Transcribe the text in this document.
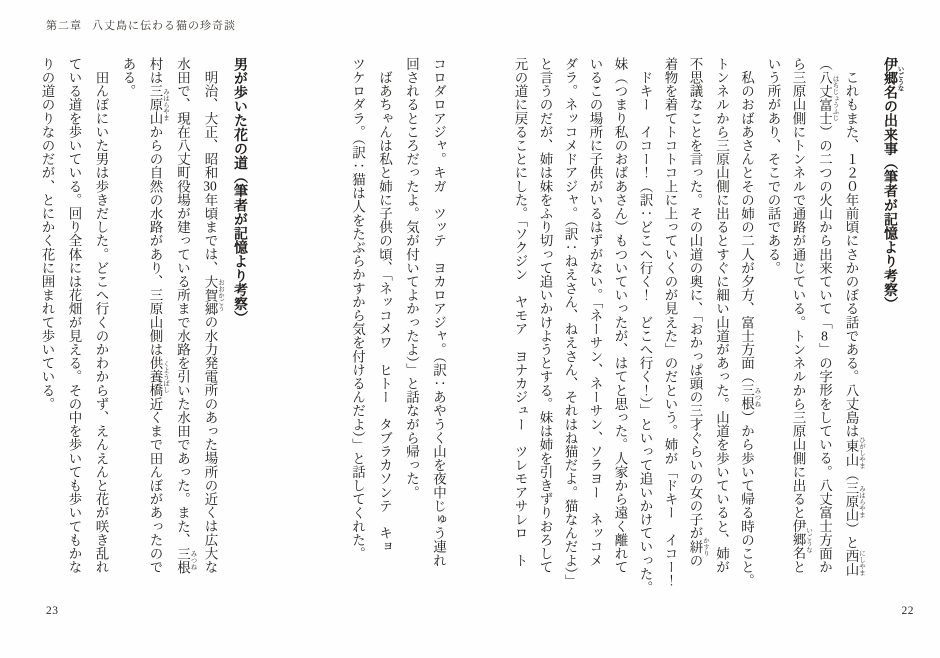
第二章 八丈島に伝わる猫の珍奇談

コロダロアジャ。キガ　ツッテ　ヨカロアジャ。（訳：あやうく山を夜中じゅう連れ

回されるところだったよ。気が付いてよかったよ）」と話ながら帰った。

　ばあちゃんは私と姉に子供の頃、「ネッコメワ　ヒトー　タブラカソンテ　キョ

ツケロダラ。（訳：猫は人をたぶらかすから気を付けるんだよ）」と話してくれた。

男が歩いた花の道（筆者が記憶より考察）

　明治、大正、昭和30年頃までは、大賀郷 おおかごうの水力発電所のあった場所の近くは広大な

水田で、現在八丈町役場が建っている所まで水路を引いた水田であった。また、三根 みつね

村は三原山 みはらやまからの自然の水路があり、三原山側は供養橋 くようばし近くまで田んぼがあったので

ある。

　田んぼにいた男は歩きだした。どこへ行くのかわからず、えんえんと花が咲き乱れ

ている道を歩いている。回り全体には花畑が見える。その中を歩いても歩いてもかな

りの道のりなのだが、とにかく花に囲まれて歩いている。	伊郷名 いごうなの出来事（筆者が記憶より考察）

　これもまた、１２０年前頃にさかのぼる話である。八丈島は東山 ひがしやま（三原山 みはらやま）と西山 にしやま

（八丈富士 はちじょうふじ）の二つの火山から出来ていて「8」の字形をしている。八丈富士方面か

ら三原山側にトンネルで通路が通じている。トンネルから三原山側に出ると伊郷名 いごうなと

いう所があり、そこでの話である。

　私のおばあさんとその姉の二人が夕方、富士方面（三根 みつね）から歩いて帰る時のこと。

トンネルから三原山側に出るとすぐに細い山道があった。山道を歩いていると、姉が

不思議なことを言った。その山道の奥に、「おかっぱ頭の三才ぐらいの女の子が絣 かすりの

着物を着てトコトコ上に上っていくのが見えた」のだという。姉が「ドキー　イコー！

　ドキー　イコー！（訳：どこへ行く！　どこへ行く！）」といって追いかけていった。

妹（つまり私のおばあさん）もついていったが、はてと思った。人家から遠く離れて

いるこの場所に子供がいるはずがない。「ネーサン、ネーサン、ソラヨー　ネッコメ

ダラ。ネッコメドアジャ。（訳：ねえさん、ねえさん、それはね猫だよ。猫なんだよ）」

と言うのだが、姉は妹をふり切って追いかけようとする。妹は姉を引きずりおろして

元の道に戻ることにした。「ソクジン　ヤモア　ヨナカジュー　ツレモアサレロ　ト

23	22
